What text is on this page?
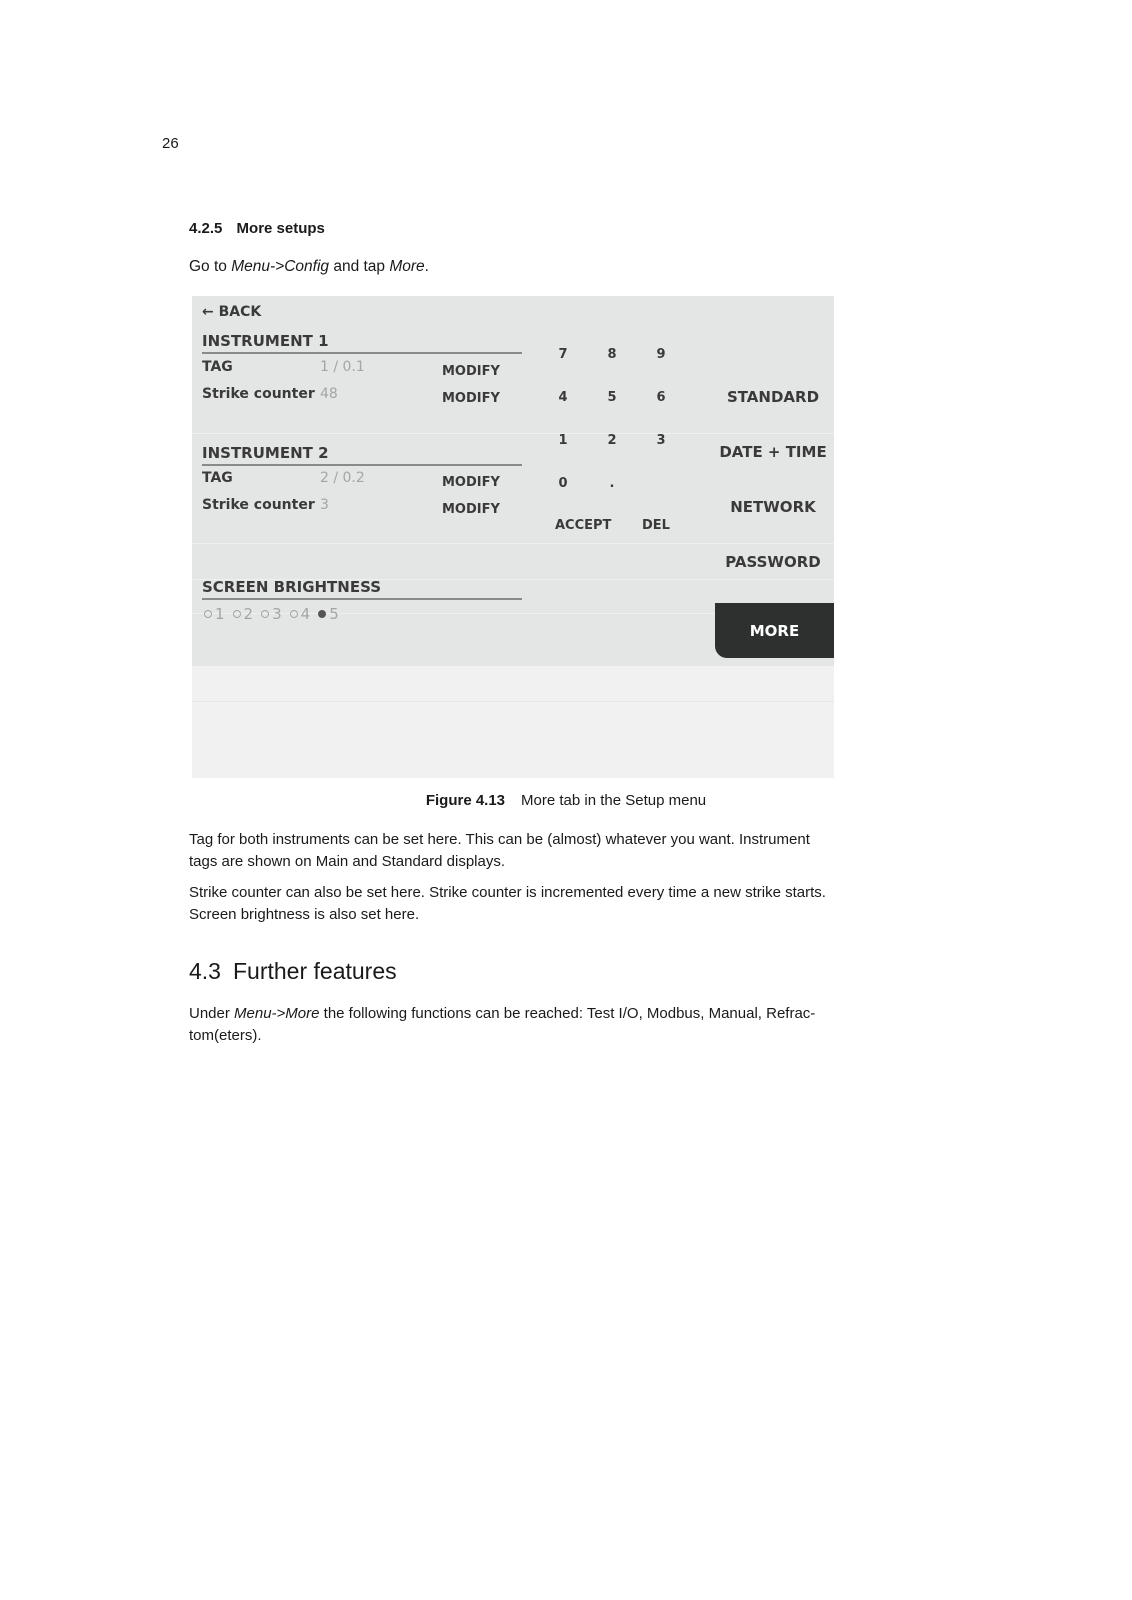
26
4.2.5 More setups
Go to Menu->Config and tap More.
← BACK
INSTRUMENT 1
TAG	1 / 0.1	MODIFY
Strike counter 48	MODIFY
INSTRUMENT 2
TAG	2 / 0.2	MODIFY
Strike counter 3	MODIFY
7	8	9
4	5	6
1	2	3
0	.
ACCEPT DEL
STANDARD
DATE + TIME
NETWORK
PASSWORD
MORE
SCREEN BRIGHTNESS
1 2 3 4 5
Figure 4.13 More tab in the Setup menu
Tag for both instruments can be set here. This can be (almost) whatever you want. Instrument tags are shown on Main and Standard displays.
Strike counter can also be set here. Strike counter is incremented every time a new strike starts. Screen brightness is also set here.
4.3 Further features
Under Menu->More the following functions can be reached: Test I/O, Modbus, Manual, Refrac- tom(eters).
